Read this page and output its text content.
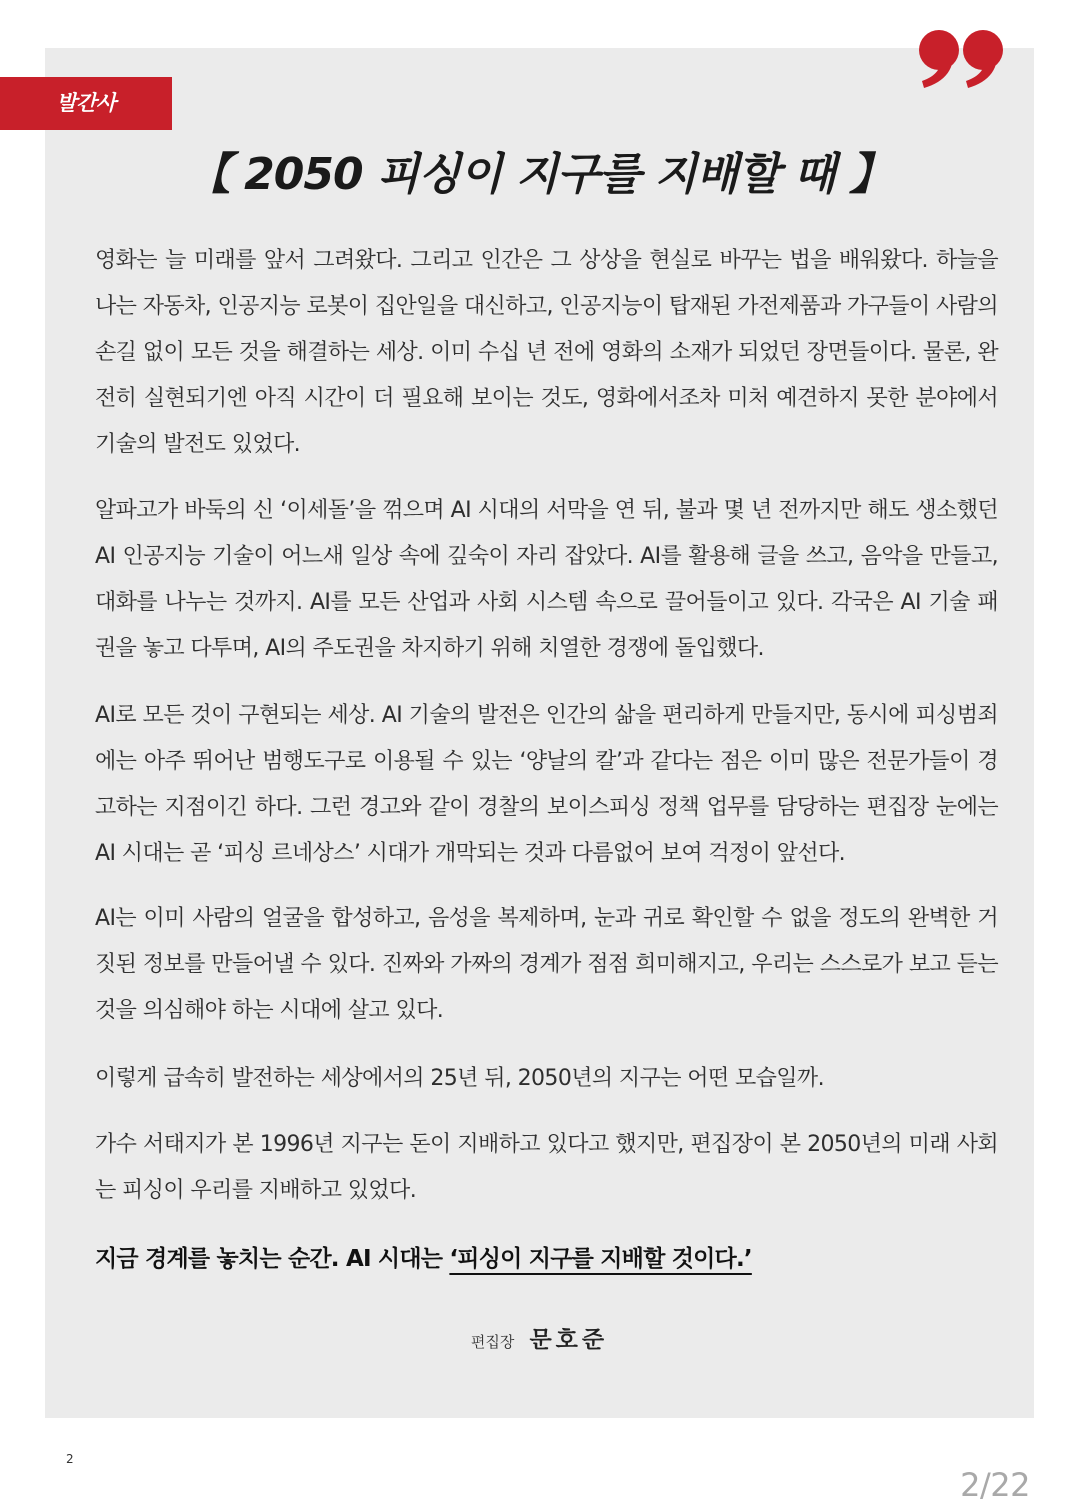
발간사
【 2050 피싱이 지구를 지배할 때 】

영화는 늘 미래를 앞서 그려왔다. 그리고 인간은 그 상상을 현실로 바꾸는 법을 배워왔다. 하늘을 나는 자동차, 인공지능 로봇이 집안일을 대신하고, 인공지능이 탑재된 가전제품과 가구들이 사람의 손길 없이 모든 것을 해결하는 세상. 이미 수십 년 전에 영화의 소재가 되었던 장면들이다. 물론, 완전히 실현되기엔 아직 시간이 더 필요해 보이는 것도, 영화에서조차 미처 예견하지 못한 분야에서 기술의 발전도 있었다.

알파고가 바둑의 신 ‘이세돌’을 꺾으며 AI 시대의 서막을 연 뒤, 불과 몇 년 전까지만 해도 생소했던 AI 인공지능 기술이 어느새 일상 속에 깊숙이 자리 잡았다. AI를 활용해 글을 쓰고, 음악을 만들고, 대화를 나누는 것까지. AI를 모든 산업과 사회 시스템 속으로 끌어들이고 있다. 각국은 AI 기술 패권을 놓고 다투며, AI의 주도권을 차지하기 위해 치열한 경쟁에 돌입했다.

AI로 모든 것이 구현되는 세상. AI 기술의 발전은 인간의 삶을 편리하게 만들지만, 동시에 피싱범죄에는 아주 뛰어난 범행도구로 이용될 수 있는 ‘양날의 칼’과 같다는 점은 이미 많은 전문가들이 경고하는 지점이긴 하다. 그런 경고와 같이 경찰의 보이스피싱 정책 업무를 담당하는 편집장 눈에는 AI 시대는 곧 ‘피싱 르네상스’ 시대가 개막되는 것과 다름없어 보여 걱정이 앞선다.

AI는 이미 사람의 얼굴을 합성하고, 음성을 복제하며, 눈과 귀로 확인할 수 없을 정도의 완벽한 거짓된 정보를 만들어낼 수 있다. 진짜와 가짜의 경계가 점점 희미해지고, 우리는 스스로가 보고 듣는 것을 의심해야 하는 시대에 살고 있다.

이렇게 급속히 발전하는 세상에서의 25년 뒤, 2050년의 지구는 어떤 모습일까.

가수 서태지가 본 1996년 지구는 돈이 지배하고 있다고 했지만, 편집장이 본 2050년의 미래 사회는 피싱이 우리를 지배하고 있었다.

지금 경계를 놓치는 순간. AI 시대는 ‘피싱이 지구를 지배할 것이다.’
편집장 문호준
2
2/22
